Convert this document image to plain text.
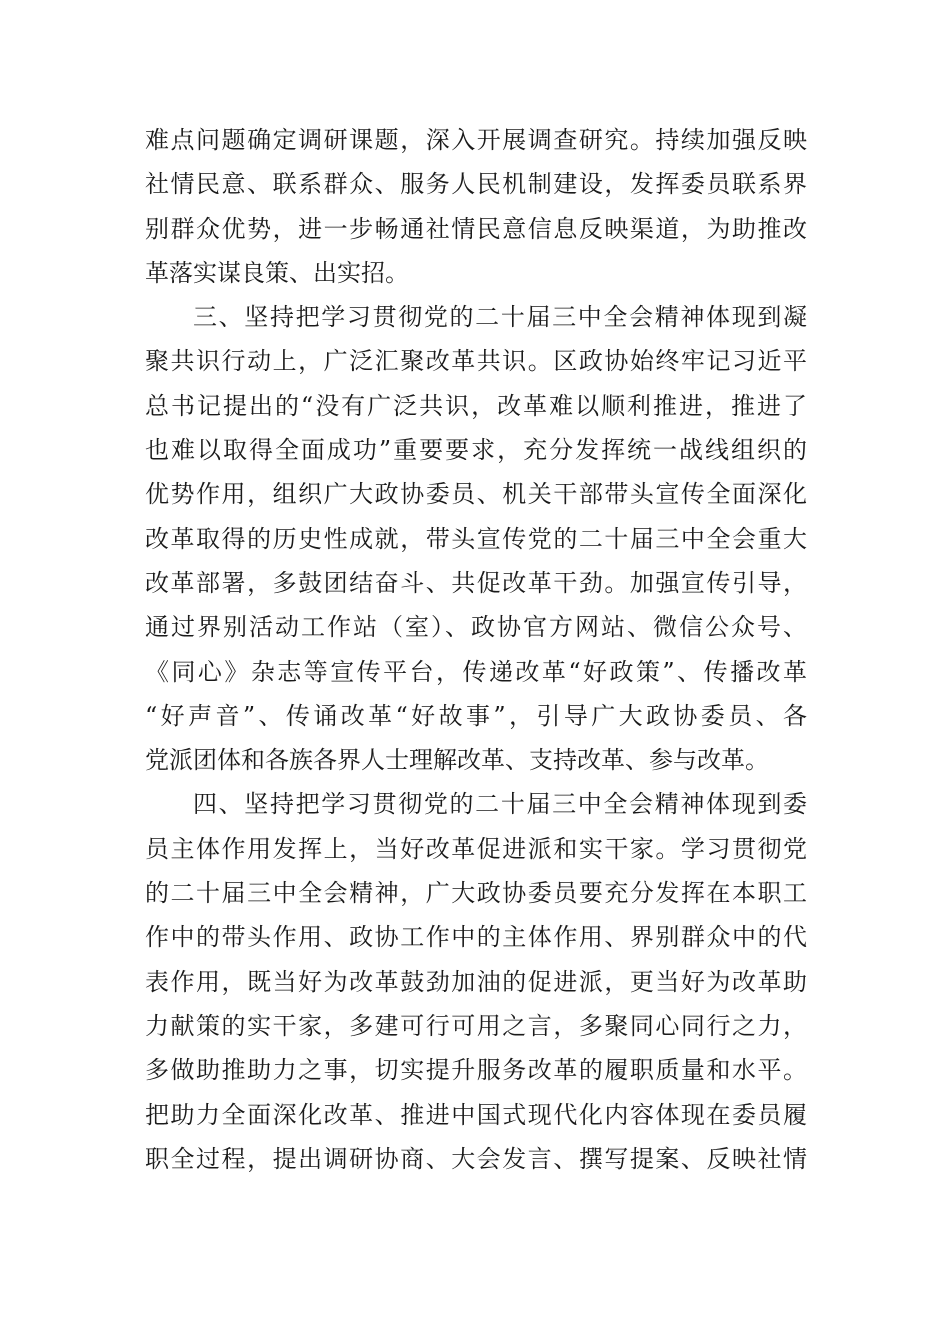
难点问题确定调研课题，深入开展调查研究。持续加强反映
社情民意、联系群众、服务人民机制建设，发挥委员联系界
别群众优势，进一步畅通社情民意信息反映渠道，为助推改
革落实谋良策、出实招。
三、坚持把学习贯彻党的二十届三中全会精神体现到凝
聚共识行动上，广泛汇聚改革共识。区政协始终牢记习近平
总书记提出的“没有广泛共识，改革难以顺利推进，推进了
也难以取得全面成功”重要要求，充分发挥统一战线组织的
优势作用，组织广大政协委员、机关干部带头宣传全面深化
改革取得的历史性成就，带头宣传党的二十届三中全会重大
改革部署，多鼓团结奋斗、共促改革干劲。加强宣传引导，
通过界别活动工作站（室）、政协官方网站、微信公众号、
《同心》杂志等宣传平台，传递改革“好政策”、传播改革
“好声音”、传诵改革“好故事”，引导广大政协委员、各
党派团体和各族各界人士理解改革、支持改革、参与改革。
四、坚持把学习贯彻党的二十届三中全会精神体现到委
员主体作用发挥上，当好改革促进派和实干家。学习贯彻党
的二十届三中全会精神，广大政协委员要充分发挥在本职工
作中的带头作用、政协工作中的主体作用、界别群众中的代
表作用，既当好为改革鼓劲加油的促进派，更当好为改革助
力献策的实干家，多建可行可用之言，多聚同心同行之力，
多做助推助力之事，切实提升服务改革的履职质量和水平。
把助力全面深化改革、推进中国式现代化内容体现在委员履
职全过程，提出调研协商、大会发言、撰写提案、反映社情
